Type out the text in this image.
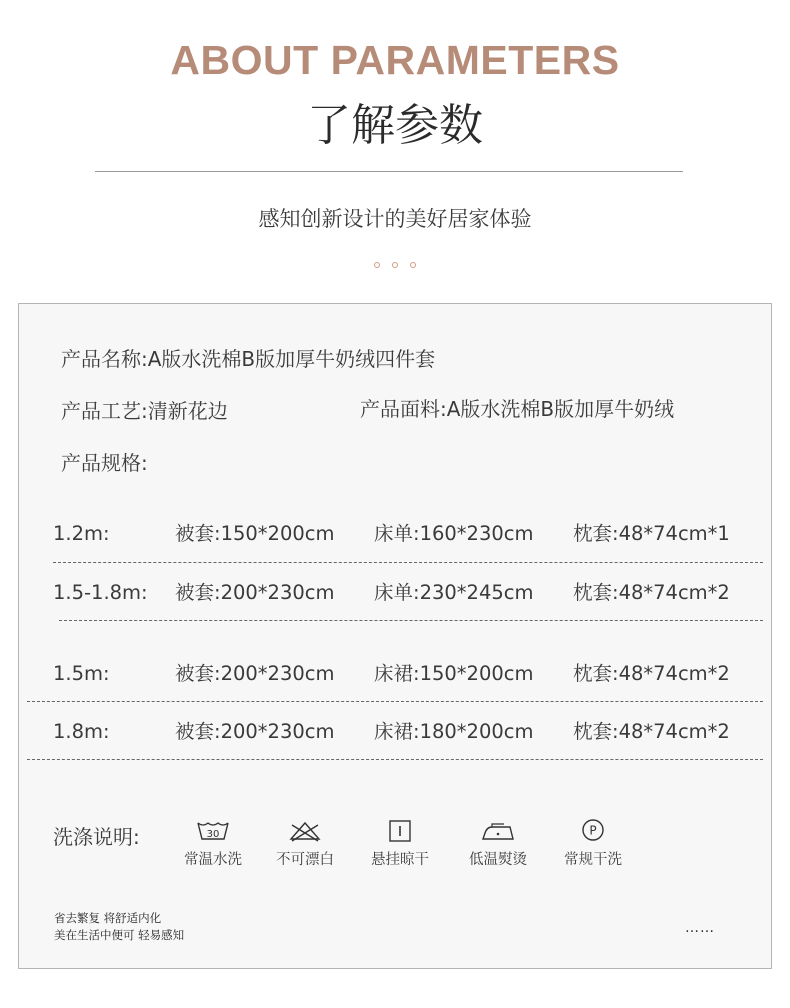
ABOUT PARAMETERS
了解参数
感知创新设计的美好居家体验
产品名称:A版水洗棉B版加厚牛奶绒四件套
产品工艺:清新花边	产品面料:A版水洗棉B版加厚牛奶绒
产品规格:
1.2m:	被套:150*200cm 床单:160*230cm 枕套:48*74cm*1
1.5-1.8m: 被套:200*230cm 床单:230*245cm 枕套:48*74cm*2
1.5m:	被套:200*230cm 床裙:150*200cm 枕套:48*74cm*2
1.8m:	被套:200*230cm 床裙:180*200cm 枕套:48*74cm*2
洗涤说明:	30
常温水洗	不可漂白	悬挂晾干	低温熨烫
P
常规干洗
省去繁复 将舒适内化
美在生活中便可 轻易感知	……
